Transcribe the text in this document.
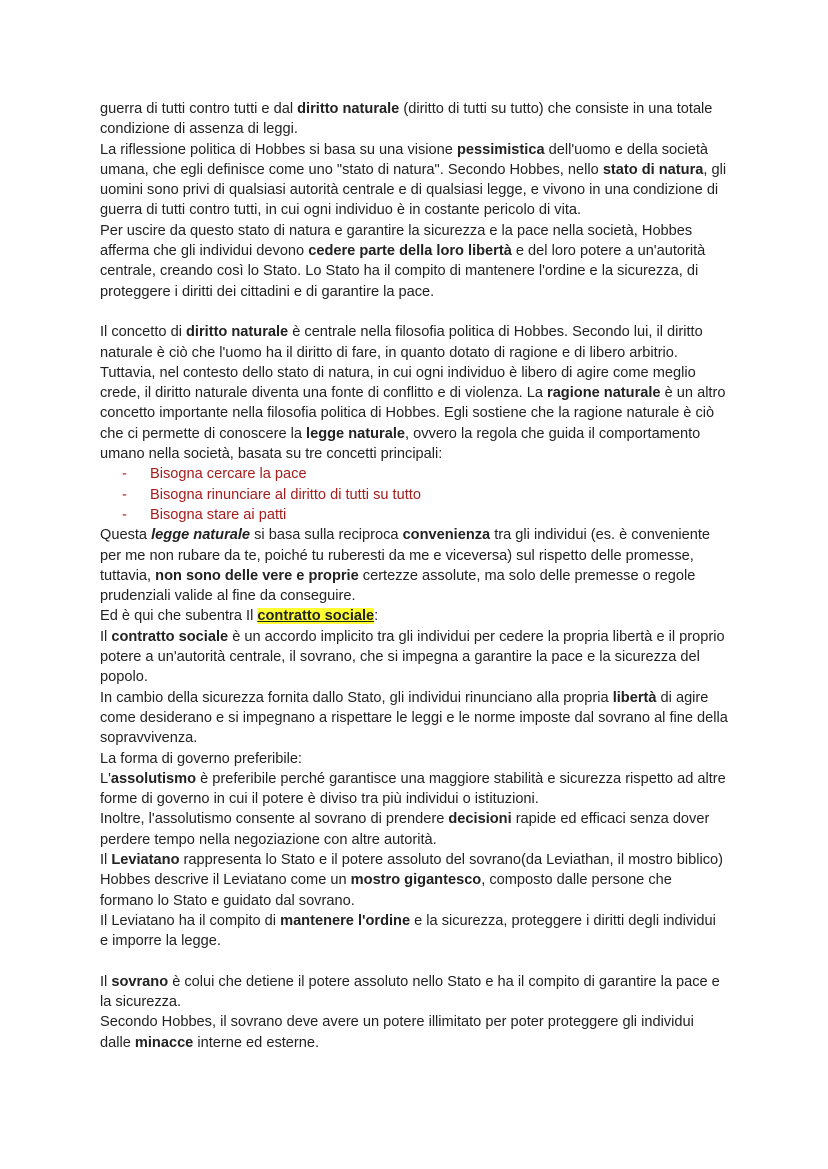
guerra di tutti contro tutti e dal diritto naturale (diritto di tutti su tutto) che consiste in una totale condizione di assenza di leggi.

La riflessione politica di Hobbes si basa su una visione pessimistica dell'uomo e della società umana, che egli definisce come uno "stato di natura". Secondo Hobbes, nello stato di natura, gli uomini sono privi di qualsiasi autorità centrale e di qualsiasi legge, e vivono in una condizione di guerra di tutti contro tutti, in cui ogni individuo è in costante pericolo di vita.

Per uscire da questo stato di natura e garantire la sicurezza e la pace nella società, Hobbes afferma che gli individui devono cedere parte della loro libertà e del loro potere a un'autorità centrale, creando così lo Stato. Lo Stato ha il compito di mantenere l'ordine e la sicurezza, di proteggere i diritti dei cittadini e di garantire la pace.

Il concetto di diritto naturale è centrale nella filosofia politica di Hobbes. Secondo lui, il diritto naturale è ciò che l'uomo ha il diritto di fare, in quanto dotato di ragione e di libero arbitrio. Tuttavia, nel contesto dello stato di natura, in cui ogni individuo è libero di agire come meglio crede, il diritto naturale diventa una fonte di conflitto e di violenza. La ragione naturale è un altro concetto importante nella filosofia politica di Hobbes. Egli sostiene che la ragione naturale è ciò che ci permette di conoscere la legge naturale, ovvero la regola che guida il comportamento umano nella società, basata su tre concetti principali:

- Bisogna cercare la pace
- Bisogna rinunciare al diritto di tutti su tutto
- Bisogna stare ai patti

Questa legge naturale si basa sulla reciproca convenienza tra gli individui (es. è conveniente per me non rubare da te, poiché tu ruberesti da me e viceversa) sul rispetto delle promesse, tuttavia, non sono delle vere e proprie certezze assolute, ma solo delle premesse o regole prudenziali valide al fine da conseguire.

Ed è qui che subentra Il contratto sociale:

Il contratto sociale è un accordo implicito tra gli individui per cedere la propria libertà e il proprio potere a un'autorità centrale, il sovrano, che si impegna a garantire la pace e la sicurezza del popolo.

In cambio della sicurezza fornita dallo Stato, gli individui rinunciano alla propria libertà di agire come desiderano e si impegnano a rispettare le leggi e le norme imposte dal sovrano al fine della sopravvivenza.

La forma di governo preferibile:

L'assolutismo è preferibile perché garantisce una maggiore stabilità e sicurezza rispetto ad altre forme di governo in cui il potere è diviso tra più individui o istituzioni.

Inoltre, l'assolutismo consente al sovrano di prendere decisioni rapide ed efficaci senza dover perdere tempo nella negoziazione con altre autorità.

Il Leviatano rappresenta lo Stato e il potere assoluto del sovrano(da Leviathan, il mostro biblico)

Hobbes descrive il Leviatano come un mostro gigantesco, composto dalle persone che formano lo Stato e guidato dal sovrano.

Il Leviatano ha il compito di mantenere l'ordine e la sicurezza, proteggere i diritti degli individui e imporre la legge.

Il sovrano è colui che detiene il potere assoluto nello Stato e ha il compito di garantire la pace e la sicurezza.

Secondo Hobbes, il sovrano deve avere un potere illimitato per poter proteggere gli individui dalle minacce interne ed esterne.
